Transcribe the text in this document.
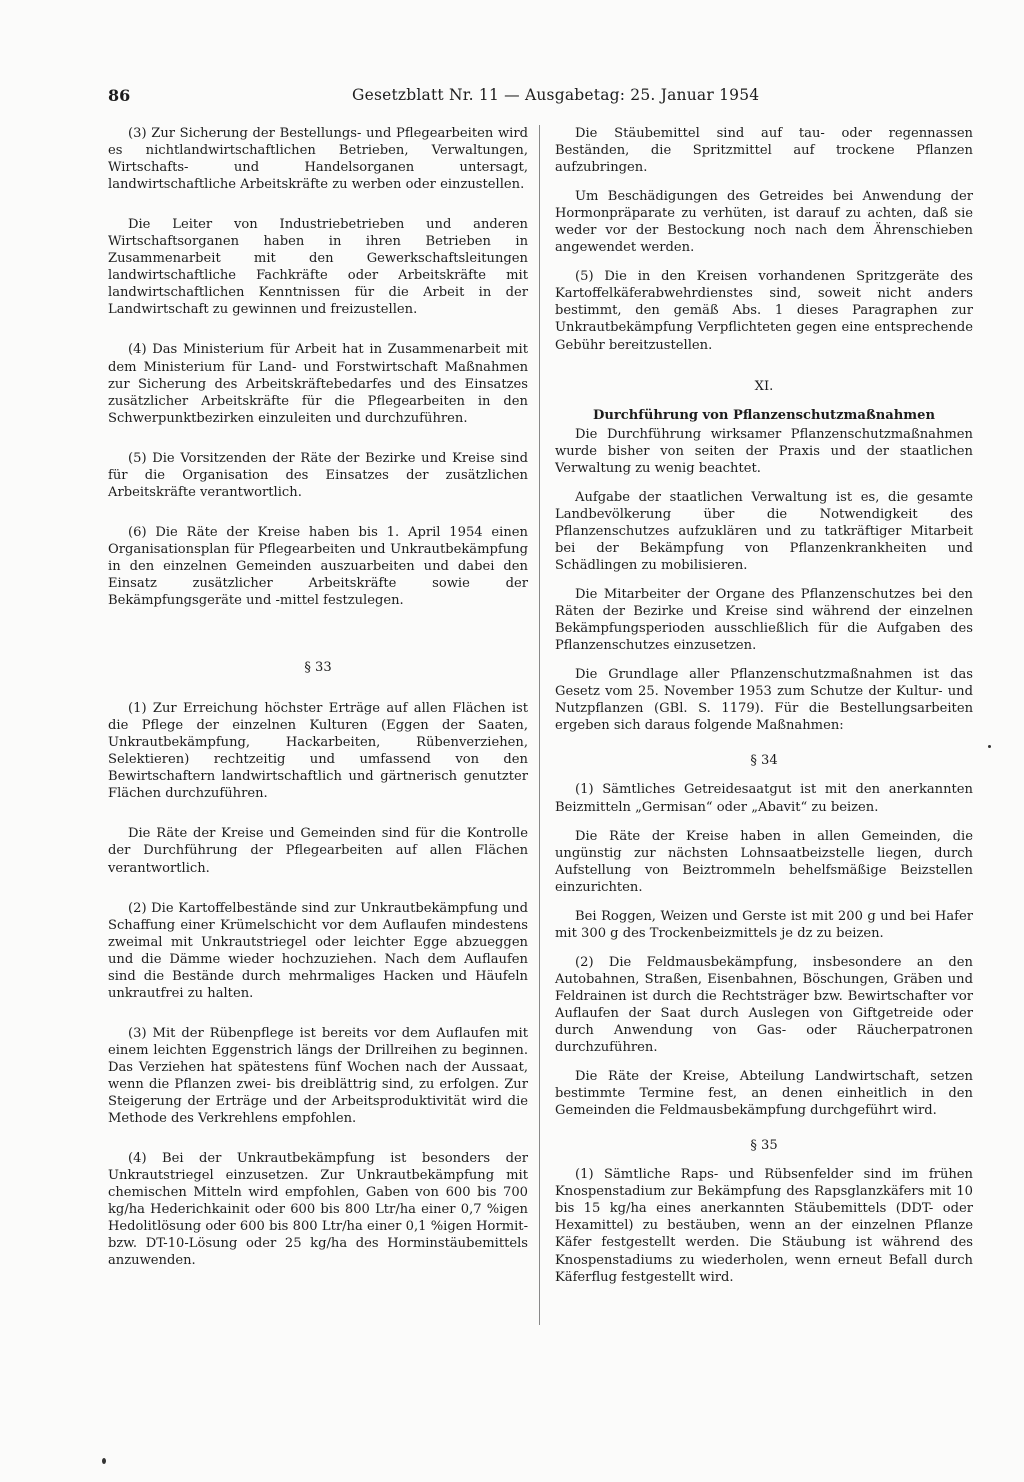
86	Gesetzblatt Nr. 11 — Ausgabetag: 25. Januar 1954

(3) Zur Sicherung der Bestellungs- und Pflegearbeiten wird es nichtlandwirtschaftlichen Betrieben, Verwaltungen, Wirtschafts- und Handelsorganen untersagt, landwirtschaftliche Arbeitskräfte zu werben oder einzustellen.

Die Leiter von Industriebetrieben und anderen Wirtschaftsorganen haben in ihren Betrieben in Zusammenarbeit mit den Gewerkschaftsleitungen landwirtschaftliche Fachkräfte oder Arbeitskräfte mit landwirtschaftlichen Kenntnissen für die Arbeit in der Landwirtschaft zu gewinnen und freizustellen.

(4) Das Ministerium für Arbeit hat in Zusammenarbeit mit dem Ministerium für Land- und Forstwirtschaft Maßnahmen zur Sicherung des Arbeitskräftebedarfes und des Einsatzes zusätzlicher Arbeitskräfte für die Pflegearbeiten in den Schwerpunktbezirken einzuleiten und durchzuführen.

(5) Die Vorsitzenden der Räte der Bezirke und Kreise sind für die Organisation des Einsatzes der zusätzlichen Arbeitskräfte verantwortlich.

(6) Die Räte der Kreise haben bis 1. April 1954 einen Organisationsplan für Pflegearbeiten und Unkrautbekämpfung in den einzelnen Gemeinden auszuarbeiten und dabei den Einsatz zusätzlicher Arbeitskräfte sowie der Bekämpfungsgeräte und -mittel festzulegen.

§ 33

(1) Zur Erreichung höchster Erträge auf allen Flächen ist die Pflege der einzelnen Kulturen (Eggen der Saaten, Unkrautbekämpfung, Hackarbeiten, Rübenverziehen, Selektieren) rechtzeitig und umfassend von den Bewirtschaftern landwirtschaftlich und gärtnerisch genutzter Flächen durchzuführen.

Die Räte der Kreise und Gemeinden sind für die Kontrolle der Durchführung der Pflegearbeiten auf allen Flächen verantwortlich.

(2) Die Kartoffelbestände sind zur Unkrautbekämpfung und Schaffung einer Krümelschicht vor dem Auflaufen mindestens zweimal mit Unkrautstriegel oder leichter Egge abzueggen und die Dämme wieder hochzuziehen. Nach dem Auflaufen sind die Bestände durch mehrmaliges Hacken und Häufeln unkrautfrei zu halten.

(3) Mit der Rübenpflege ist bereits vor dem Auflaufen mit einem leichten Eggenstrich längs der Drillreihen zu beginnen. Das Verziehen hat spätestens fünf Wochen nach der Aussaat, wenn die Pflanzen zwei- bis dreiblättrig sind, zu erfolgen. Zur Steigerung der Erträge und der Arbeitsproduktivität wird die Methode des Verkrehlens empfohlen.

(4) Bei der Unkrautbekämpfung ist besonders der Unkrautstriegel einzusetzen. Zur Unkrautbekämpfung mit chemischen Mitteln wird empfohlen, Gaben von 600 bis 700 kg/ha Hederichkainit oder 600 bis 800 Ltr/ha einer 0,7 %igen Hedolitlösung oder 600 bis 800 Ltr/ha einer 0,1 %igen Hormit- bzw. DT-10-Lösung oder 25 kg/ha des Horminstäubemittels anzuwenden.

Die Stäubemittel sind auf tau- oder regennassen Beständen, die Spritzmittel auf trockene Pflanzen aufzubringen.

Um Beschädigungen des Getreides bei Anwendung der Hormonpräparate zu verhüten, ist darauf zu achten, daß sie weder vor der Bestockung noch nach dem Ährenschieben angewendet werden.

(5) Die in den Kreisen vorhandenen Spritzgeräte des Kartoffelkäferabwehrdienstes sind, soweit nicht anders bestimmt, den gemäß Abs. 1 dieses Paragraphen zur Unkrautbekämpfung Verpflichteten gegen eine entsprechende Gebühr bereitzustellen.

XI.

Durchführung von Pflanzenschutzmaßnahmen

Die Durchführung wirksamer Pflanzenschutzmaßnahmen wurde bisher von seiten der Praxis und der staatlichen Verwaltung zu wenig beachtet.

Aufgabe der staatlichen Verwaltung ist es, die gesamte Landbevölkerung über die Notwendigkeit des Pflanzenschutzes aufzuklären und zu tatkräftiger Mitarbeit bei der Bekämpfung von Pflanzenkrankheiten und Schädlingen zu mobilisieren.

Die Mitarbeiter der Organe des Pflanzenschutzes bei den Räten der Bezirke und Kreise sind während der einzelnen Bekämpfungsperioden ausschließlich für die Aufgaben des Pflanzenschutzes einzusetzen.

Die Grundlage aller Pflanzenschutzmaßnahmen ist das Gesetz vom 25. November 1953 zum Schutze der Kultur- und Nutzpflanzen (GBl. S. 1179). Für die Bestellungsarbeiten ergeben sich daraus folgende Maßnahmen:

§ 34

(1) Sämtliches Getreidesaatgut ist mit den anerkannten Beizmitteln „Germisan“ oder „Abavit“ zu beizen.

Die Räte der Kreise haben in allen Gemeinden, die ungünstig zur nächsten Lohnsaatbeizstelle liegen, durch Aufstellung von Beiztrommeln behelfsmäßige Beizstellen einzurichten.

Bei Roggen, Weizen und Gerste ist mit 200 g und bei Hafer mit 300 g des Trockenbeizmittels je dz zu beizen.

(2) Die Feldmausbekämpfung, insbesondere an den Autobahnen, Straßen, Eisenbahnen, Böschungen, Gräben und Feldrainen ist durch die Rechtsträger bzw. Bewirtschafter vor Auflaufen der Saat durch Auslegen von Giftgetreide oder durch Anwendung von Gas- oder Räucherpatronen durchzuführen.

Die Räte der Kreise, Abteilung Landwirtschaft, setzen bestimmte Termine fest, an denen einheitlich in den Gemeinden die Feldmausbekämpfung durchgeführt wird.

§ 35

(1) Sämtliche Raps- und Rübsenfelder sind im frühen Knospenstadium zur Bekämpfung des Rapsglanzkäfers mit 10 bis 15 kg/ha eines anerkannten Stäubemittels (DDT- oder Hexamittel) zu bestäuben, wenn an der einzelnen Pflanze Käfer festgestellt werden. Die Stäubung ist während des Knospenstadiums zu wiederholen, wenn erneut Befall durch Käferflug festgestellt wird.
